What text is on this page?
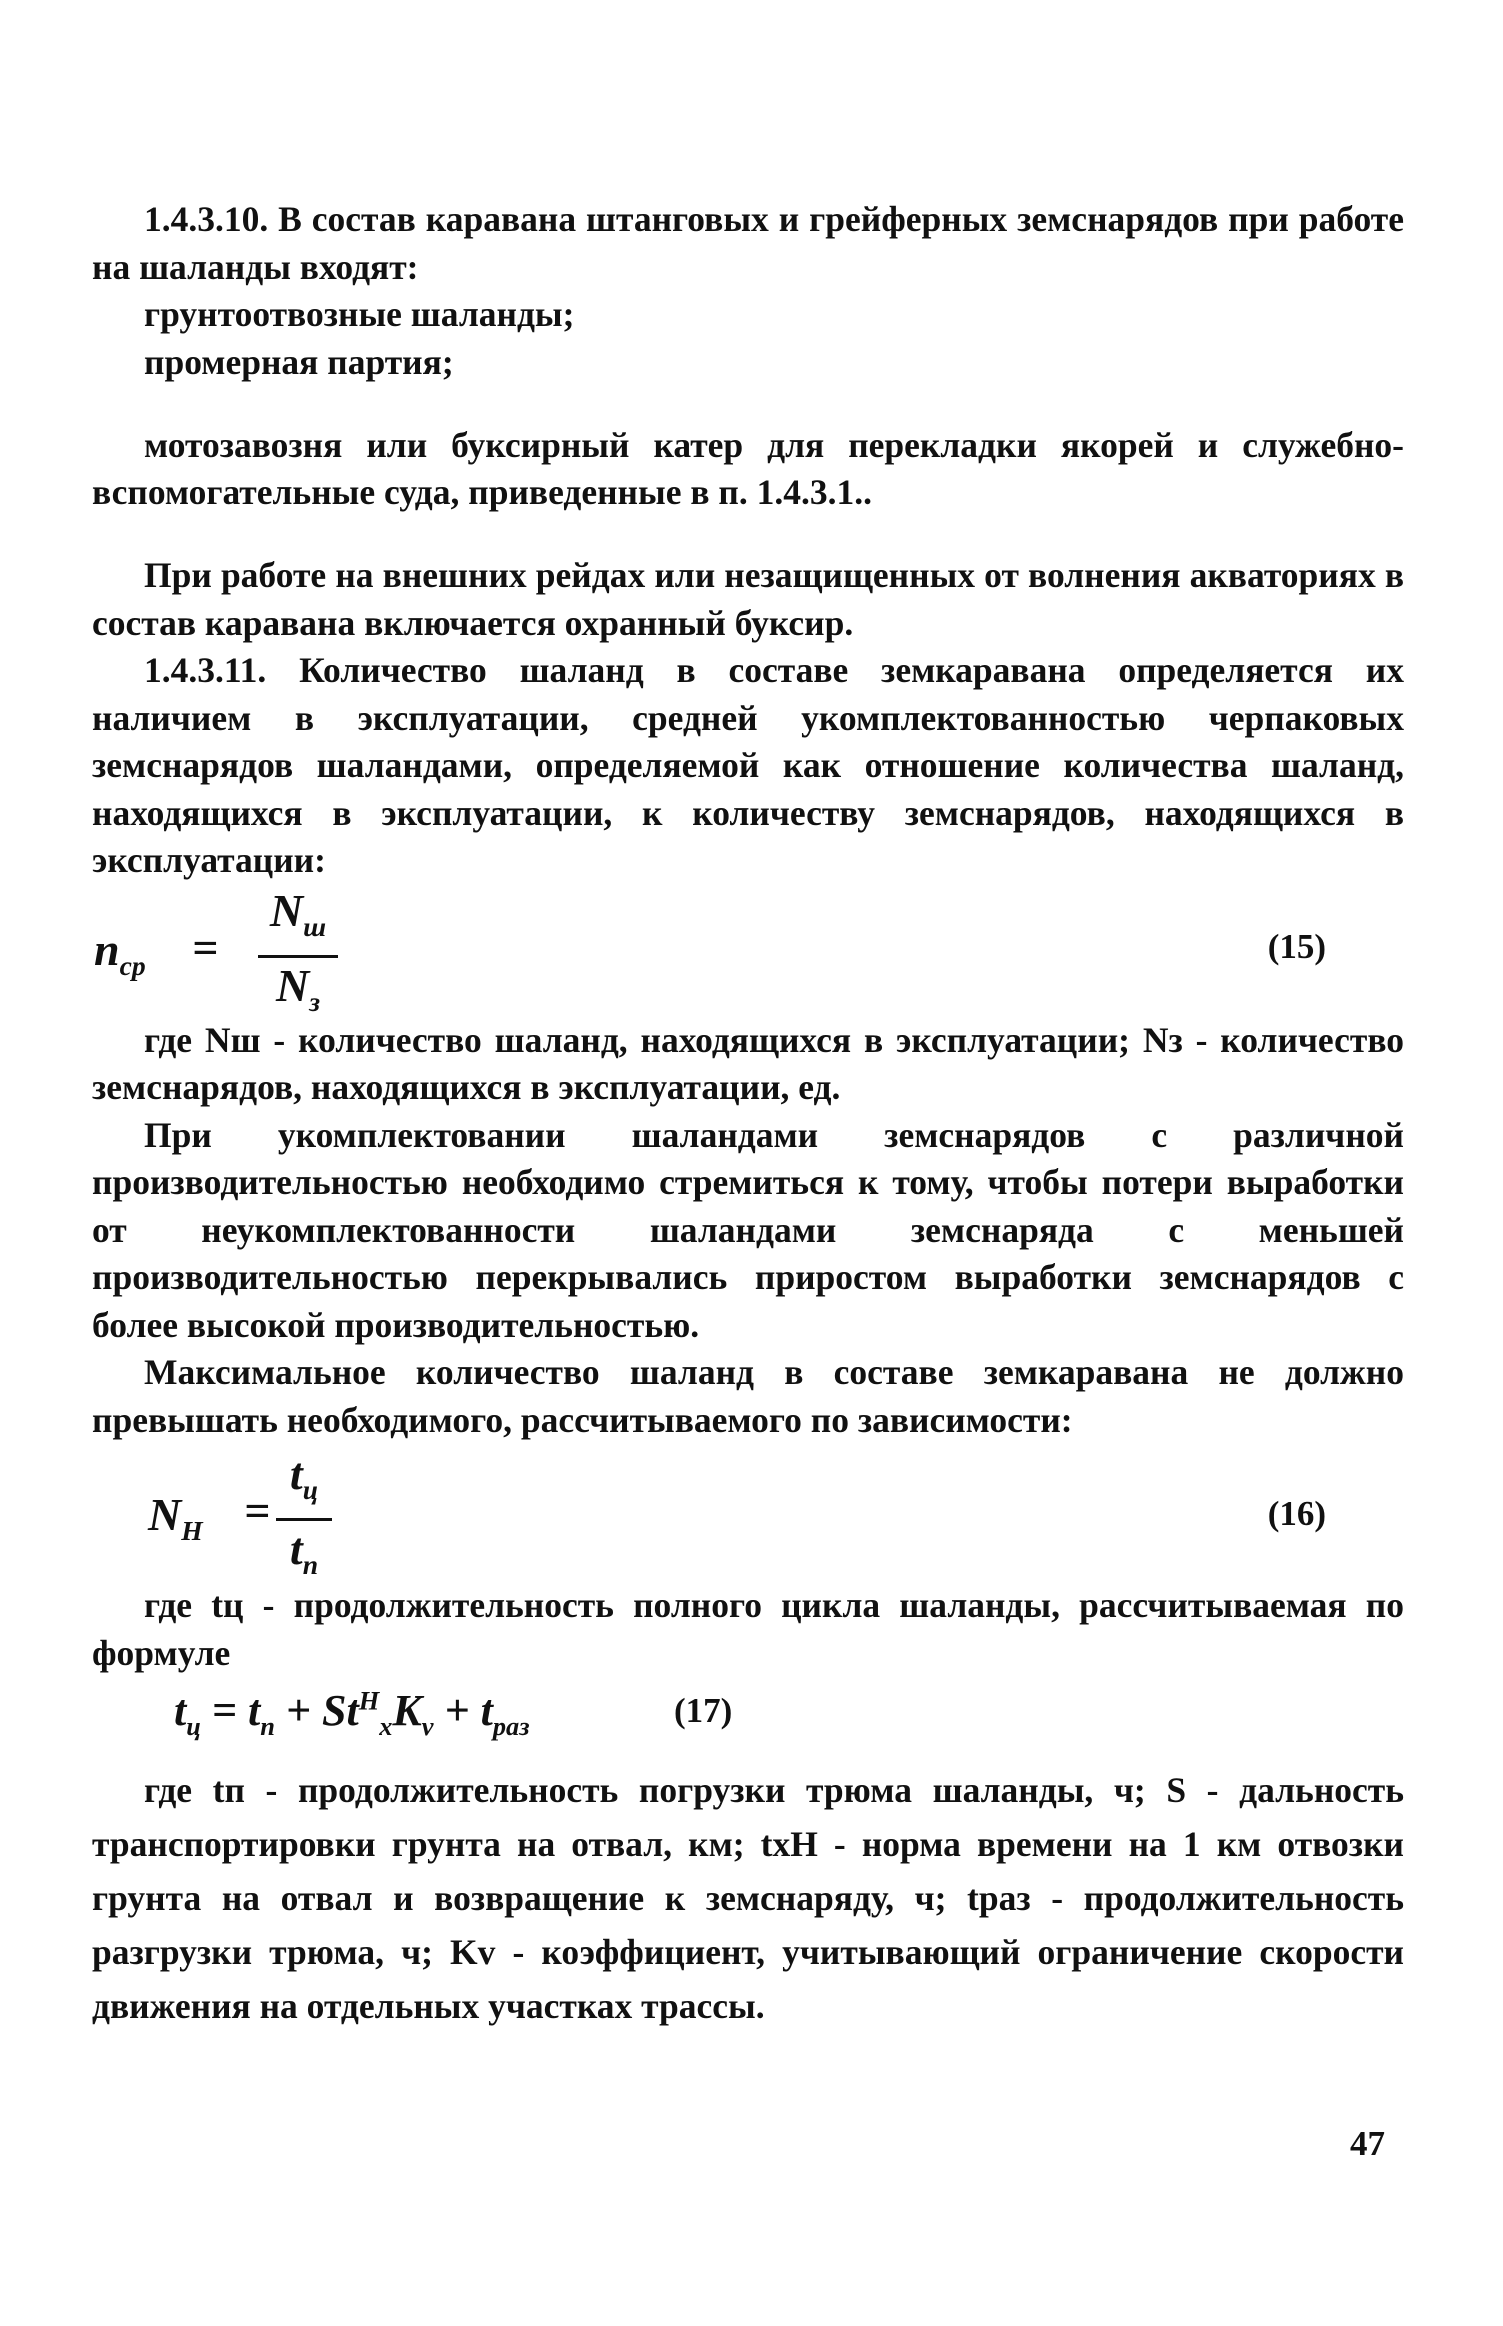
1.4.3.10. В состав каравана штанговых и грейферных земснарядов при работе на шаланды входят:

грунтоотвозные шаланды;
промерная партия;

мотозавозня или буксирный катер для перекладки якорей и служебно-вспомогательные суда, приведенные в п. 1.4.3.1..

При работе на внешних рейдах или незащищенных от волнения акваториях в состав каравана включается охранный буксир.

1.4.3.11. Количество шаланд в составе земкаравана определяется их наличием в эксплуатации, средней укомплектованностью черпаковых земснарядов шаландами, определяемой как отношение количества шаланд, находящихся в эксплуатации, к количеству земснарядов, находящихся в эксплуатации:

$n_{ср}$ =
$N_ш$
$N_з$
(15)

где Nш - количество шаланд, находящихся в эксплуатации; Nз - количество земснарядов, находящихся в эксплуатации, ед.

При укомплектовании шаландами земснарядов с различной производительностью необходимо стремиться к тому, чтобы потери выработки от неукомплектованности шаландами земснаряда с меньшей производительностью перекрывались приростом выработки земснарядов с более высокой производительностью.

Максимальное количество шаланд в составе земкаравана не должно превышать необходимого, рассчитываемого по зависимости:

$N_Н$ =
$t_ц$
$t_п$
(16)

где tц - продолжительность полного цикла шаланды, рассчитываемая по формуле

$t_ц = t_п + St^Н_хK_v + t_{раз}$	(17)

где tп - продолжительность погрузки трюма шаланды, ч; S - дальность транспортировки грунта на отвал, км; tхН - норма времени на 1 км отвозки грунта на отвал и возвращение к земснаряду, ч; tраз - продолжительность разгрузки трюма, ч; Kv - коэффициент, учитывающий ограничение скорости движения на отдельных участках трассы.

47
